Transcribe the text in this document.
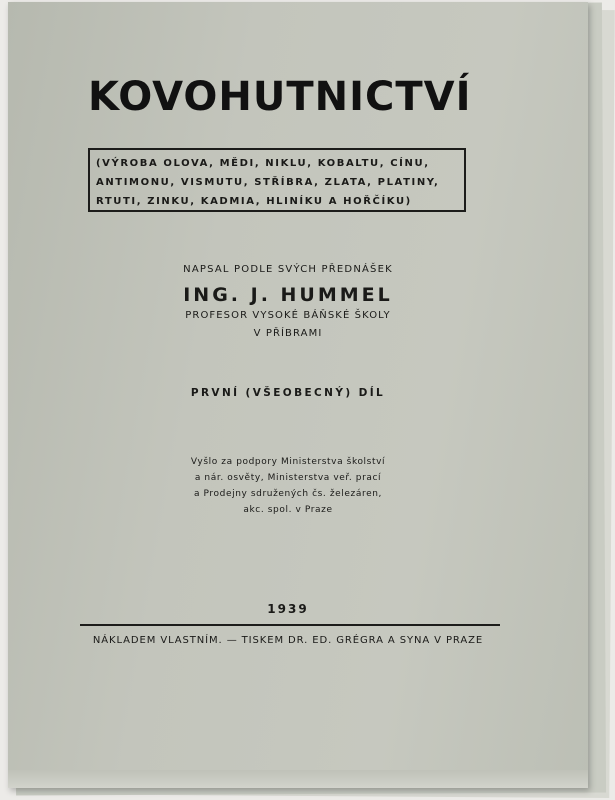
KOVOHUTNICTVÍ
(VÝROBA OLOVA, MĚDI, NIKLU, KOBALTU, CÍNU,
ANTIMONU, VISMUTU, STŘÍBRA, ZLATA, PLATINY,
RTUTI, ZINKU, KADMIA, HLINÍKU A HOŘČÍKU)
NAPSAL PODLE SVÝCH PŘEDNÁŠEK
ING. J. HUMMEL
PROFESOR VYSOKÉ BÁŇSKÉ ŠKOLY
V PŘÍBRAMI
PRVNÍ (VŠEOBECNÝ) DÍL
Vyšlo za podpory Ministerstva školství
a nár. osvěty, Ministerstva veř. prací
a Prodejny sdružených čs. železáren,
akc. spol. v Praze
1939
NÁKLADEM VLASTNÍM. — TISKEM DR. ED. GRÉGRA A SYNA V PRAZE
